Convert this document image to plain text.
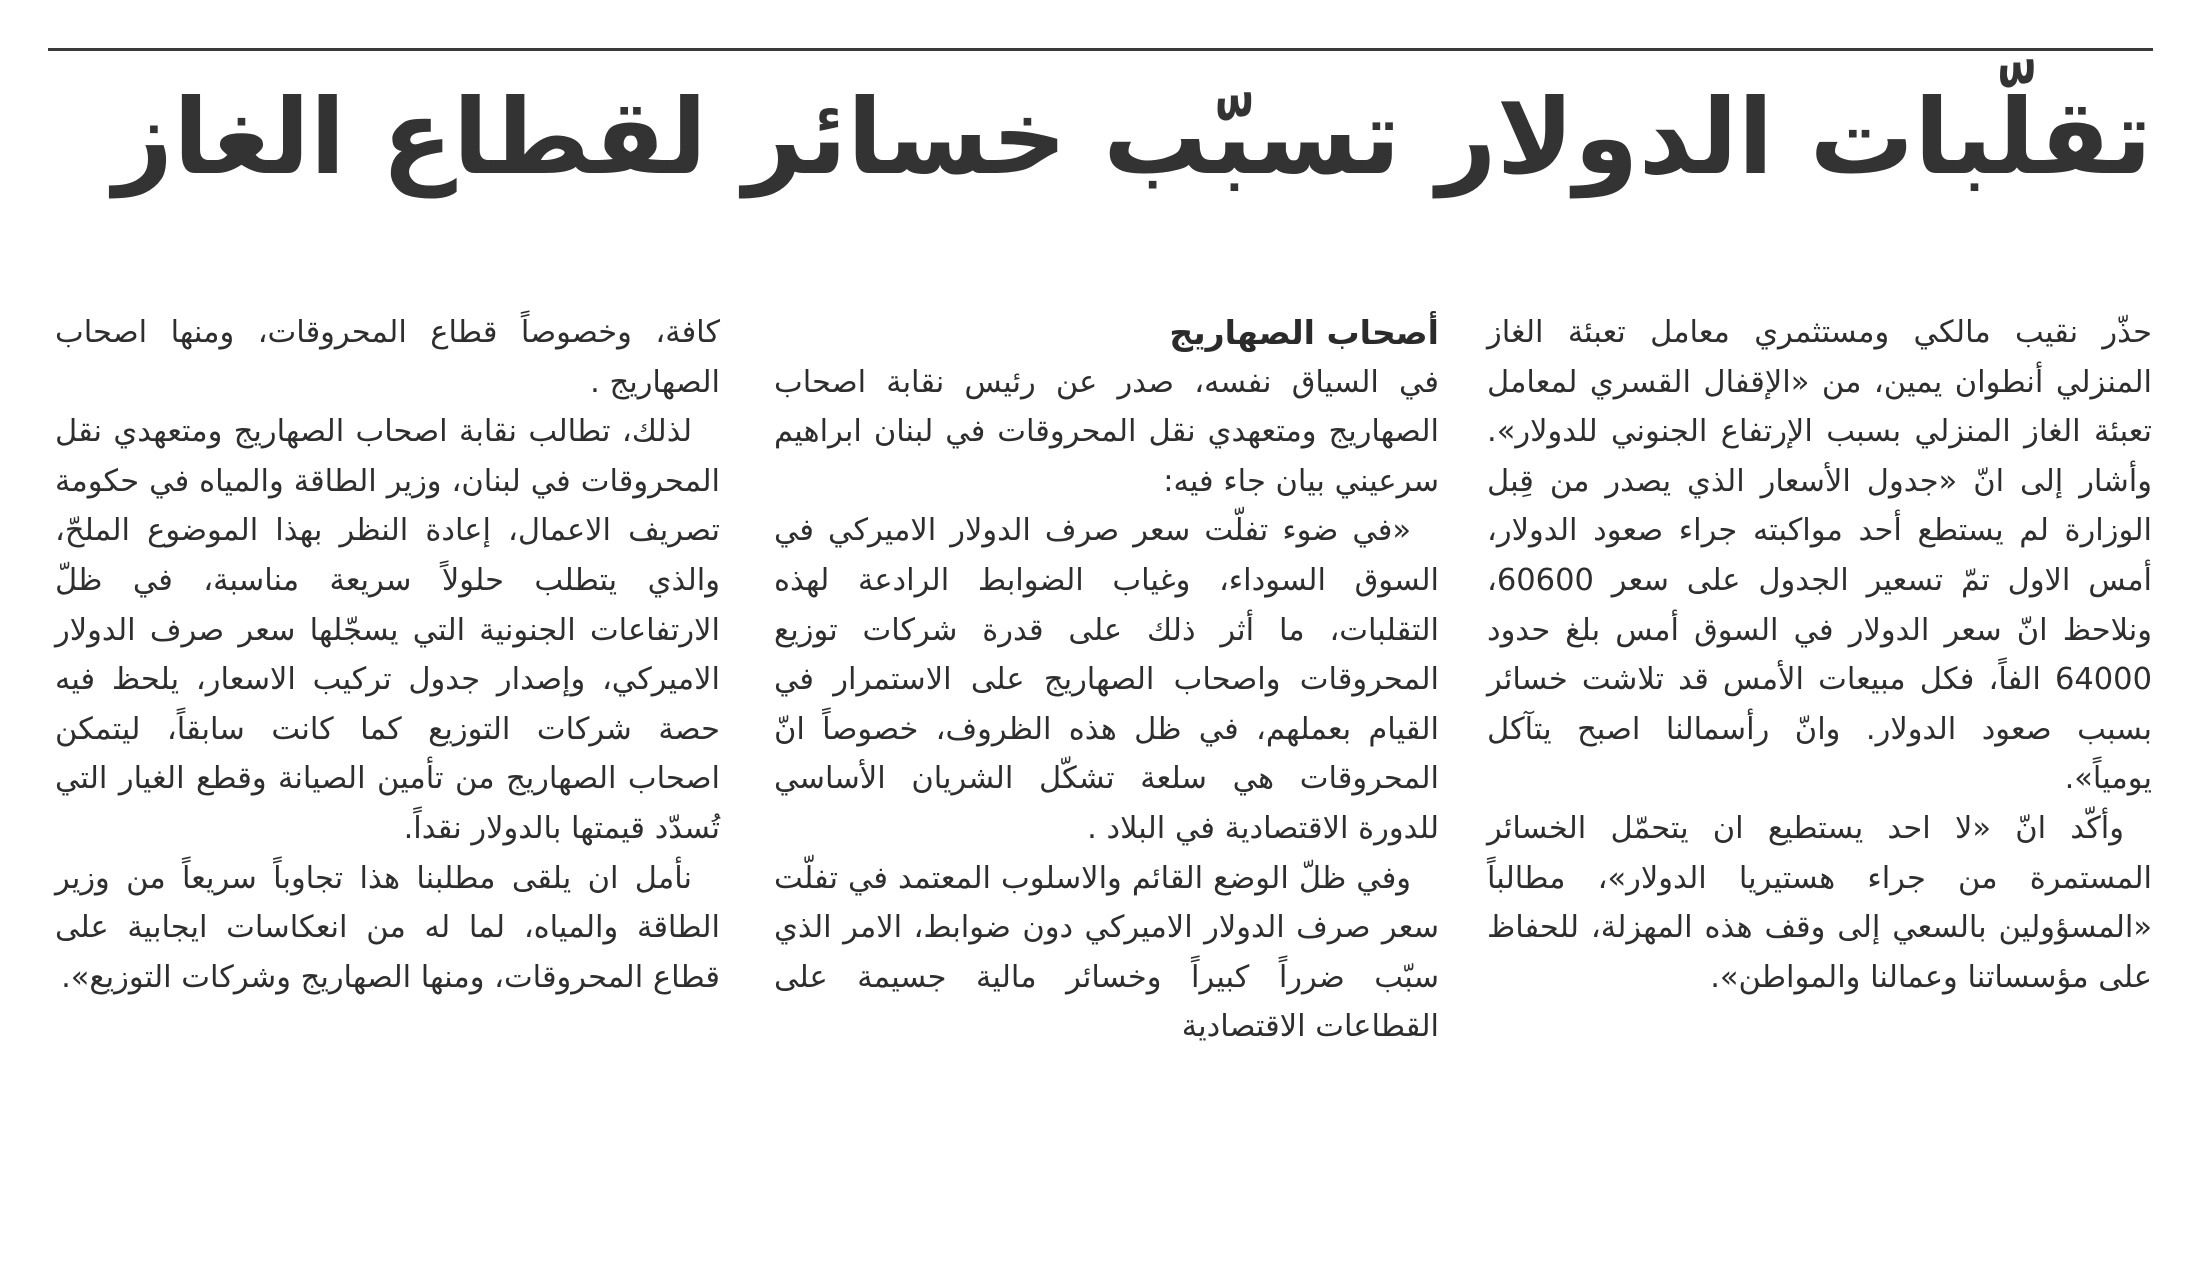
تقلّبات الدولار تسبّب خسائر لقطاع الغاز

حذّر نقيب مالكي ومستثمري معامل تعبئة الغاز المنزلي أنطوان يمين، من «الإقفال القسري لمعامل تعبئة الغاز المنزلي بسبب الإرتفاع الجنوني للدولار». وأشار إلى انّ «جدول الأسعار الذي يصدر من قِبل الوزارة لم يستطع أحد مواكبته جراء صعود الدولار، أمس الاول تمّ تسعير الجدول على سعر 60600، ونلاحظ انّ سعر الدولار في السوق أمس بلغ حدود 64000 الفاً، فكل مبيعات الأمس قد تلاشت خسائر بسبب صعود الدولار. وانّ رأسمالنا اصبح يتآكل يومياً».

وأكّد انّ «لا احد يستطيع ان يتحمّل الخسائر المستمرة من جراء هستيريا الدولار»، مطالباً «المسؤولين بالسعي إلى وقف هذه المهزلة، للحفاظ على مؤسساتنا وعمالنا والمواطن».

أصحاب الصهاريج

في السياق نفسه، صدر عن رئيس نقابة اصحاب الصهاريج ومتعهدي نقل المحروقات في لبنان ابراهيم سرعيني بيان جاء فيه:

«في ضوء تفلّت سعر صرف الدولار الاميركي في السوق السوداء، وغياب الضوابط الرادعة لهذه التقلبات، ما أثر ذلك على قدرة شركات توزيع المحروقات واصحاب الصهاريج على الاستمرار في القيام بعملهم، في ظل هذه الظروف، خصوصاً انّ المحروقات هي سلعة تشكّل الشريان الأساسي للدورة الاقتصادية في البلاد .

وفي ظلّ الوضع القائم والاسلوب المعتمد في تفلّت سعر صرف الدولار الاميركي دون ضوابط، الامر الذي سبّب ضرراً كبيراً وخسائر مالية جسيمة على القطاعات الاقتصادية

كافة، وخصوصاً قطاع المحروقات، ومنها اصحاب الصهاريج .

لذلك، تطالب نقابة اصحاب الصهاريج ومتعهدي نقل المحروقات في لبنان، وزير الطاقة والمياه في حكومة تصريف الاعمال، إعادة النظر بهذا الموضوع الملحّ، والذي يتطلب حلولاً سريعة مناسبة، في ظلّ الارتفاعات الجنونية التي يسجّلها سعر صرف الدولار الاميركي، وإصدار جدول تركيب الاسعار، يلحظ فيه حصة شركات التوزيع كما كانت سابقاً، ليتمكن اصحاب الصهاريج من تأمين الصيانة وقطع الغيار التي تُسدّد قيمتها بالدولار نقداً.

نأمل ان يلقى مطلبنا هذا تجاوباً سريعاً من وزير الطاقة والمياه، لما له من انعكاسات ايجابية على قطاع المحروقات، ومنها الصهاريج وشركات التوزيع».
